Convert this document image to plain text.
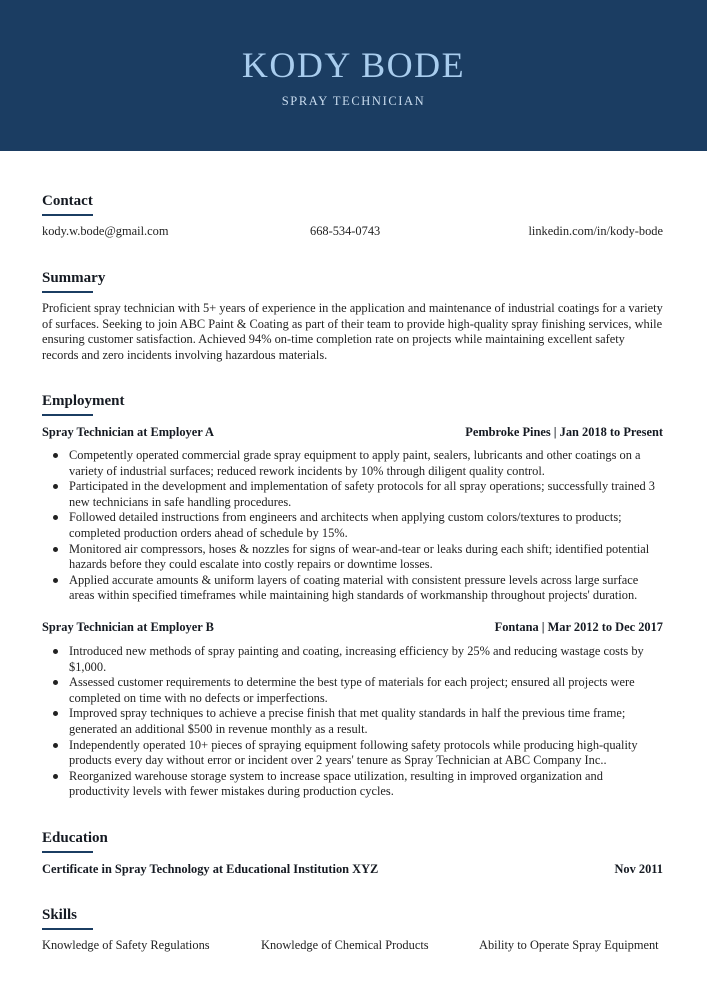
KODY BODE
SPRAY TECHNICIAN
Contact
kody.w.bode@gmail.com	668-534-0743	linkedin.com/in/kody-bode
Summary
Proficient spray technician with 5+ years of experience in the application and maintenance of industrial coatings for a variety of surfaces. Seeking to join ABC Paint & Coating as part of their team to provide high-quality spray finishing services, while ensuring customer satisfaction. Achieved 94% on-time completion rate on projects while maintaining excellent safety records and zero incidents involving hazardous materials.
Employment
Spray Technician at Employer A	Pembroke Pines | Jan 2018 to Present
Competently operated commercial grade spray equipment to apply paint, sealers, lubricants and other coatings on a variety of industrial surfaces; reduced rework incidents by 10% through diligent quality control.
Participated in the development and implementation of safety protocols for all spray operations; successfully trained 3 new technicians in safe handling procedures.
Followed detailed instructions from engineers and architects when applying custom colors/textures to products; completed production orders ahead of schedule by 15%.
Monitored air compressors, hoses & nozzles for signs of wear-and-tear or leaks during each shift; identified potential hazards before they could escalate into costly repairs or downtime losses.
Applied accurate amounts & uniform layers of coating material with consistent pressure levels across large surface areas within specified timeframes while maintaining high standards of workmanship throughout projects' duration.
Spray Technician at Employer B	Fontana | Mar 2012 to Dec 2017
Introduced new methods of spray painting and coating, increasing efficiency by 25% and reducing wastage costs by $1,000.
Assessed customer requirements to determine the best type of materials for each project; ensured all projects were completed on time with no defects or imperfections.
Improved spray techniques to achieve a precise finish that met quality standards in half the previous time frame; generated an additional $500 in revenue monthly as a result.
Independently operated 10+ pieces of spraying equipment following safety protocols while producing high-quality products every day without error or incident over 2 years' tenure as Spray Technician at ABC Company Inc..
Reorganized warehouse storage system to increase space utilization, resulting in improved organization and productivity levels with fewer mistakes during production cycles.
Education
Certificate in Spray Technology at Educational Institution XYZ	Nov 2011
Skills
Knowledge of Safety Regulations	Knowledge of Chemical Products	Ability to Operate Spray Equipment
